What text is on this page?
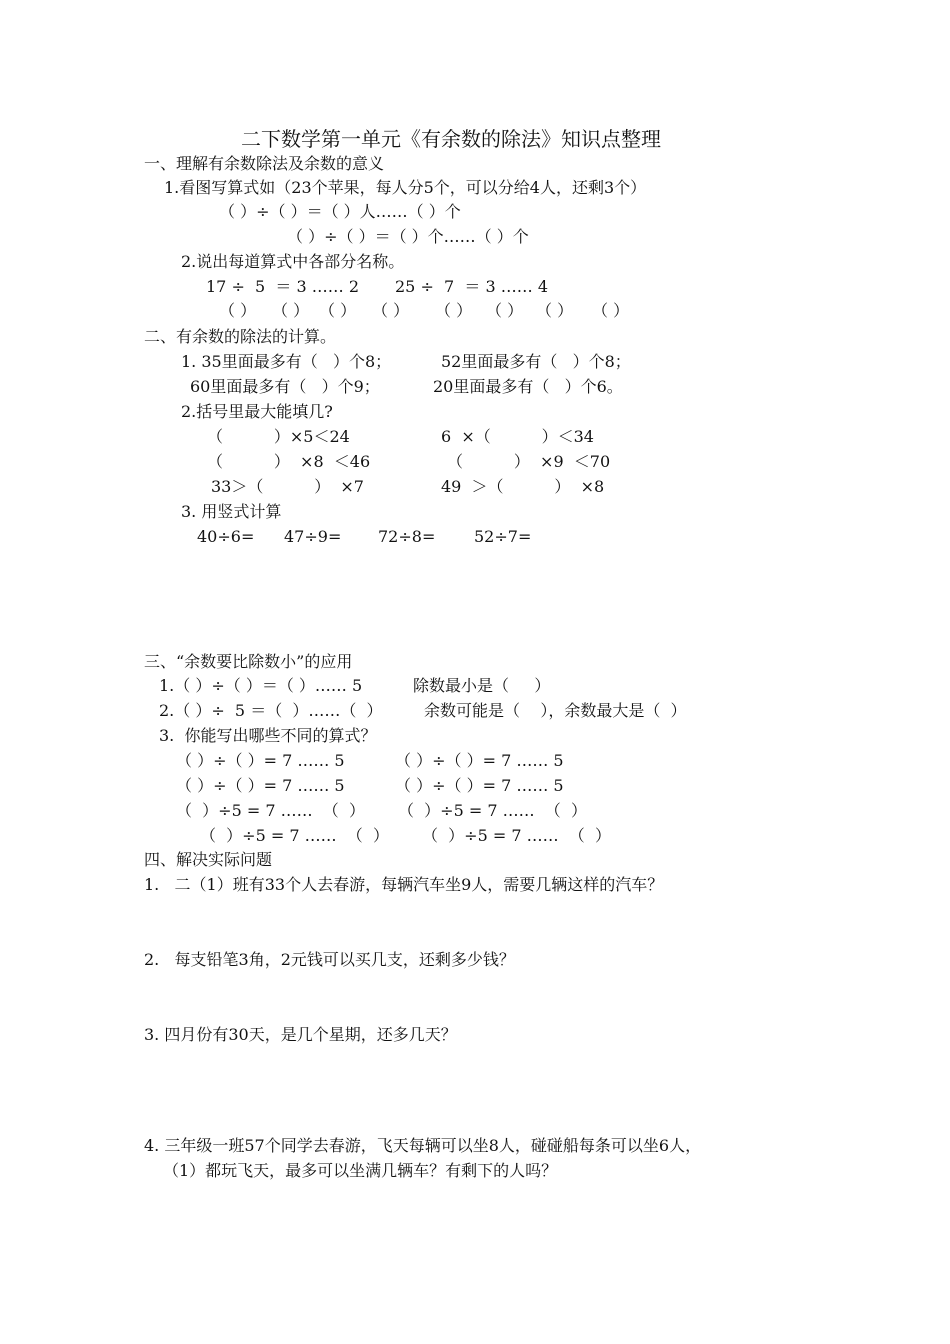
二下数学第一单元《有余数的除法》知识点整理
一、理解有余数除法及余数的意义
1.看图写算式如（23个苹果，每人分5个，可以分给4人，还剩3个）
（ ）÷（ ）＝（ ）人……（ ）个
（ ）÷（ ）＝（ ）个……（ ）个
2.说出每道算式中各部分名称。
17 ÷  5  ＝ 3 …… 2 25 ÷  7  ＝ 3 …… 4
（ ） （ ） （ ） （ ） （ ） （ ） （ ） （ ）
二、有余数的除法的计算。
1. 35里面最多有（   ）个8；	52里面最多有（   ）个8；
60里面最多有（   ）个9；	20里面最多有（   ）个6。
2.括号里最大能填几?
（          ）×5＜24	6  ×（          ）＜34
（          ）  ×8  ＜46	（          ）  ×9  ＜70
33＞（          ）  ×7	49  ＞（          ）  ×8
3. 用竖式计算
40÷6= 47÷9= 72÷8= 52÷7=
三、“余数要比除数小”的应用
1.（ ）÷（ ）＝（ ）…… 5	除数最小是（     ）
2.（ ）÷  5 ＝（  ）……（  ）	余数可能是（    ），余数最大是（  ）
3.  你能写出哪些不同的算式？
（ ）÷（ ）= 7 …… 5	（ ）÷（ ）= 7 …… 5
（ ）÷（ ）= 7 …… 5	（ ）÷（ ）= 7 …… 5
（  ）÷5 = 7 ……  （  ） （  ）÷5 = 7 ……  （  ）
（  ）÷5 = 7 ……  （  ） （  ）÷5 = 7 ……  （  ）
四、解决实际问题
1.   二（1）班有33个人去春游，每辆汽车坐9人，需要几辆这样的汽车？
2.   每支铅笔3角，2元钱可以买几支，还剩多少钱？
3. 四月份有30天，是几个星期，还多几天？
4. 三年级一班57个同学去春游，飞天每辆可以坐8人，碰碰船每条可以坐6人，
（1）都玩飞天，最多可以坐满几辆车？有剩下的人吗？
